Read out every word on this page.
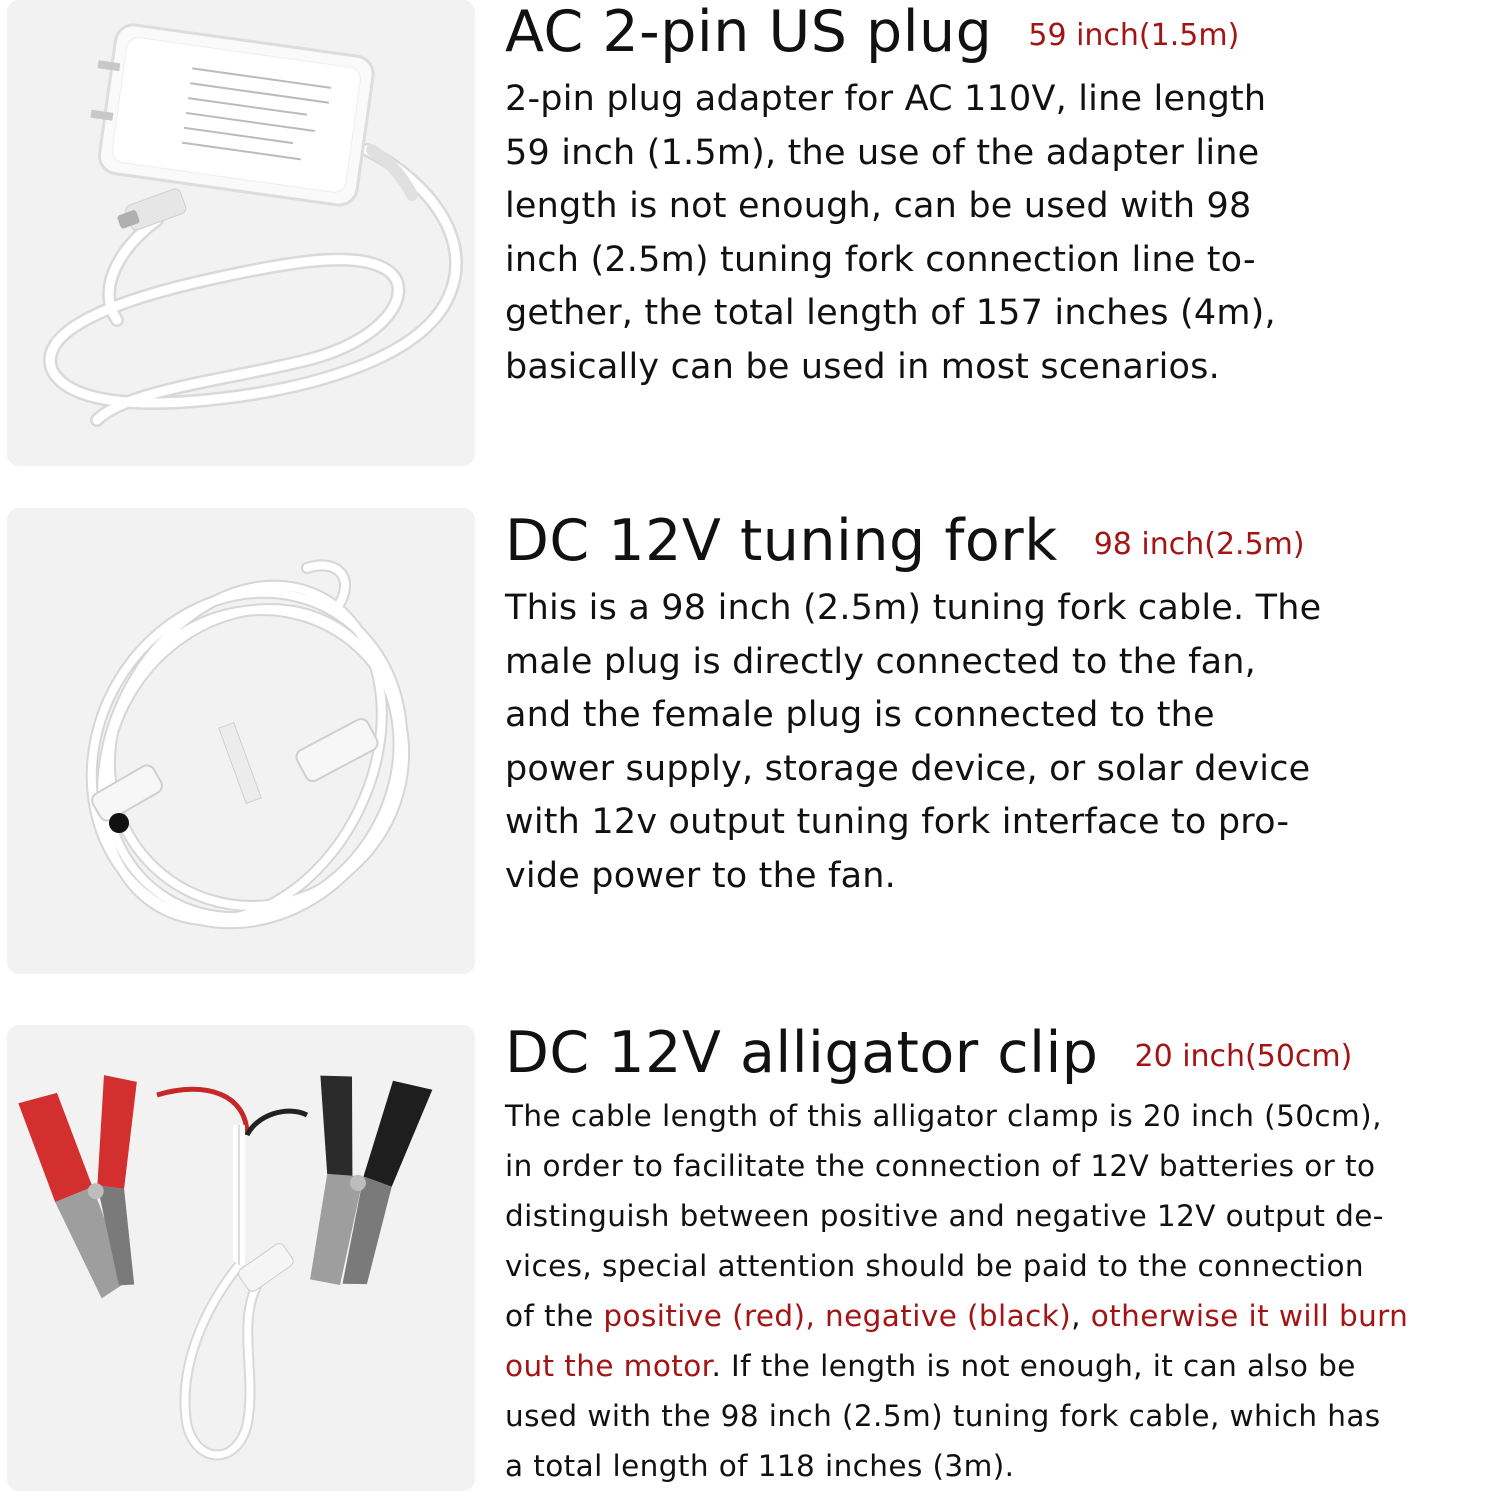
AC 2-pin US plug 59 inch(1.5m)
2-pin plug adapter for AC 110V, line length
59 inch (1.5m), the use of the adapter line
length is not enough, can be used with 98
inch (2.5m) tuning fork connection line to-
gether, the total length of 157 inches (4m),
basically can be used in most scenarios.
DC 12V tuning fork 98 inch(2.5m)
This is a 98 inch (2.5m) tuning fork cable. The
male plug is directly connected to the fan,
and the female plug is connected to the
power supply, storage device, or solar device
with 12v output tuning fork interface to pro-
vide power to the fan.
DC 12V alligator clip 20 inch(50cm)
The cable length of this alligator clamp is 20 inch (50cm),
in order to facilitate the connection of 12V batteries or to
distinguish between positive and negative 12V output de-
vices, special attention should be paid to the connection
of the positive (red), negative (black), otherwise it will burn
out the motor. If the length is not enough, it can also be
used with the 98 inch (2.5m) tuning fork cable, which has
a total length of 118 inches (3m).
